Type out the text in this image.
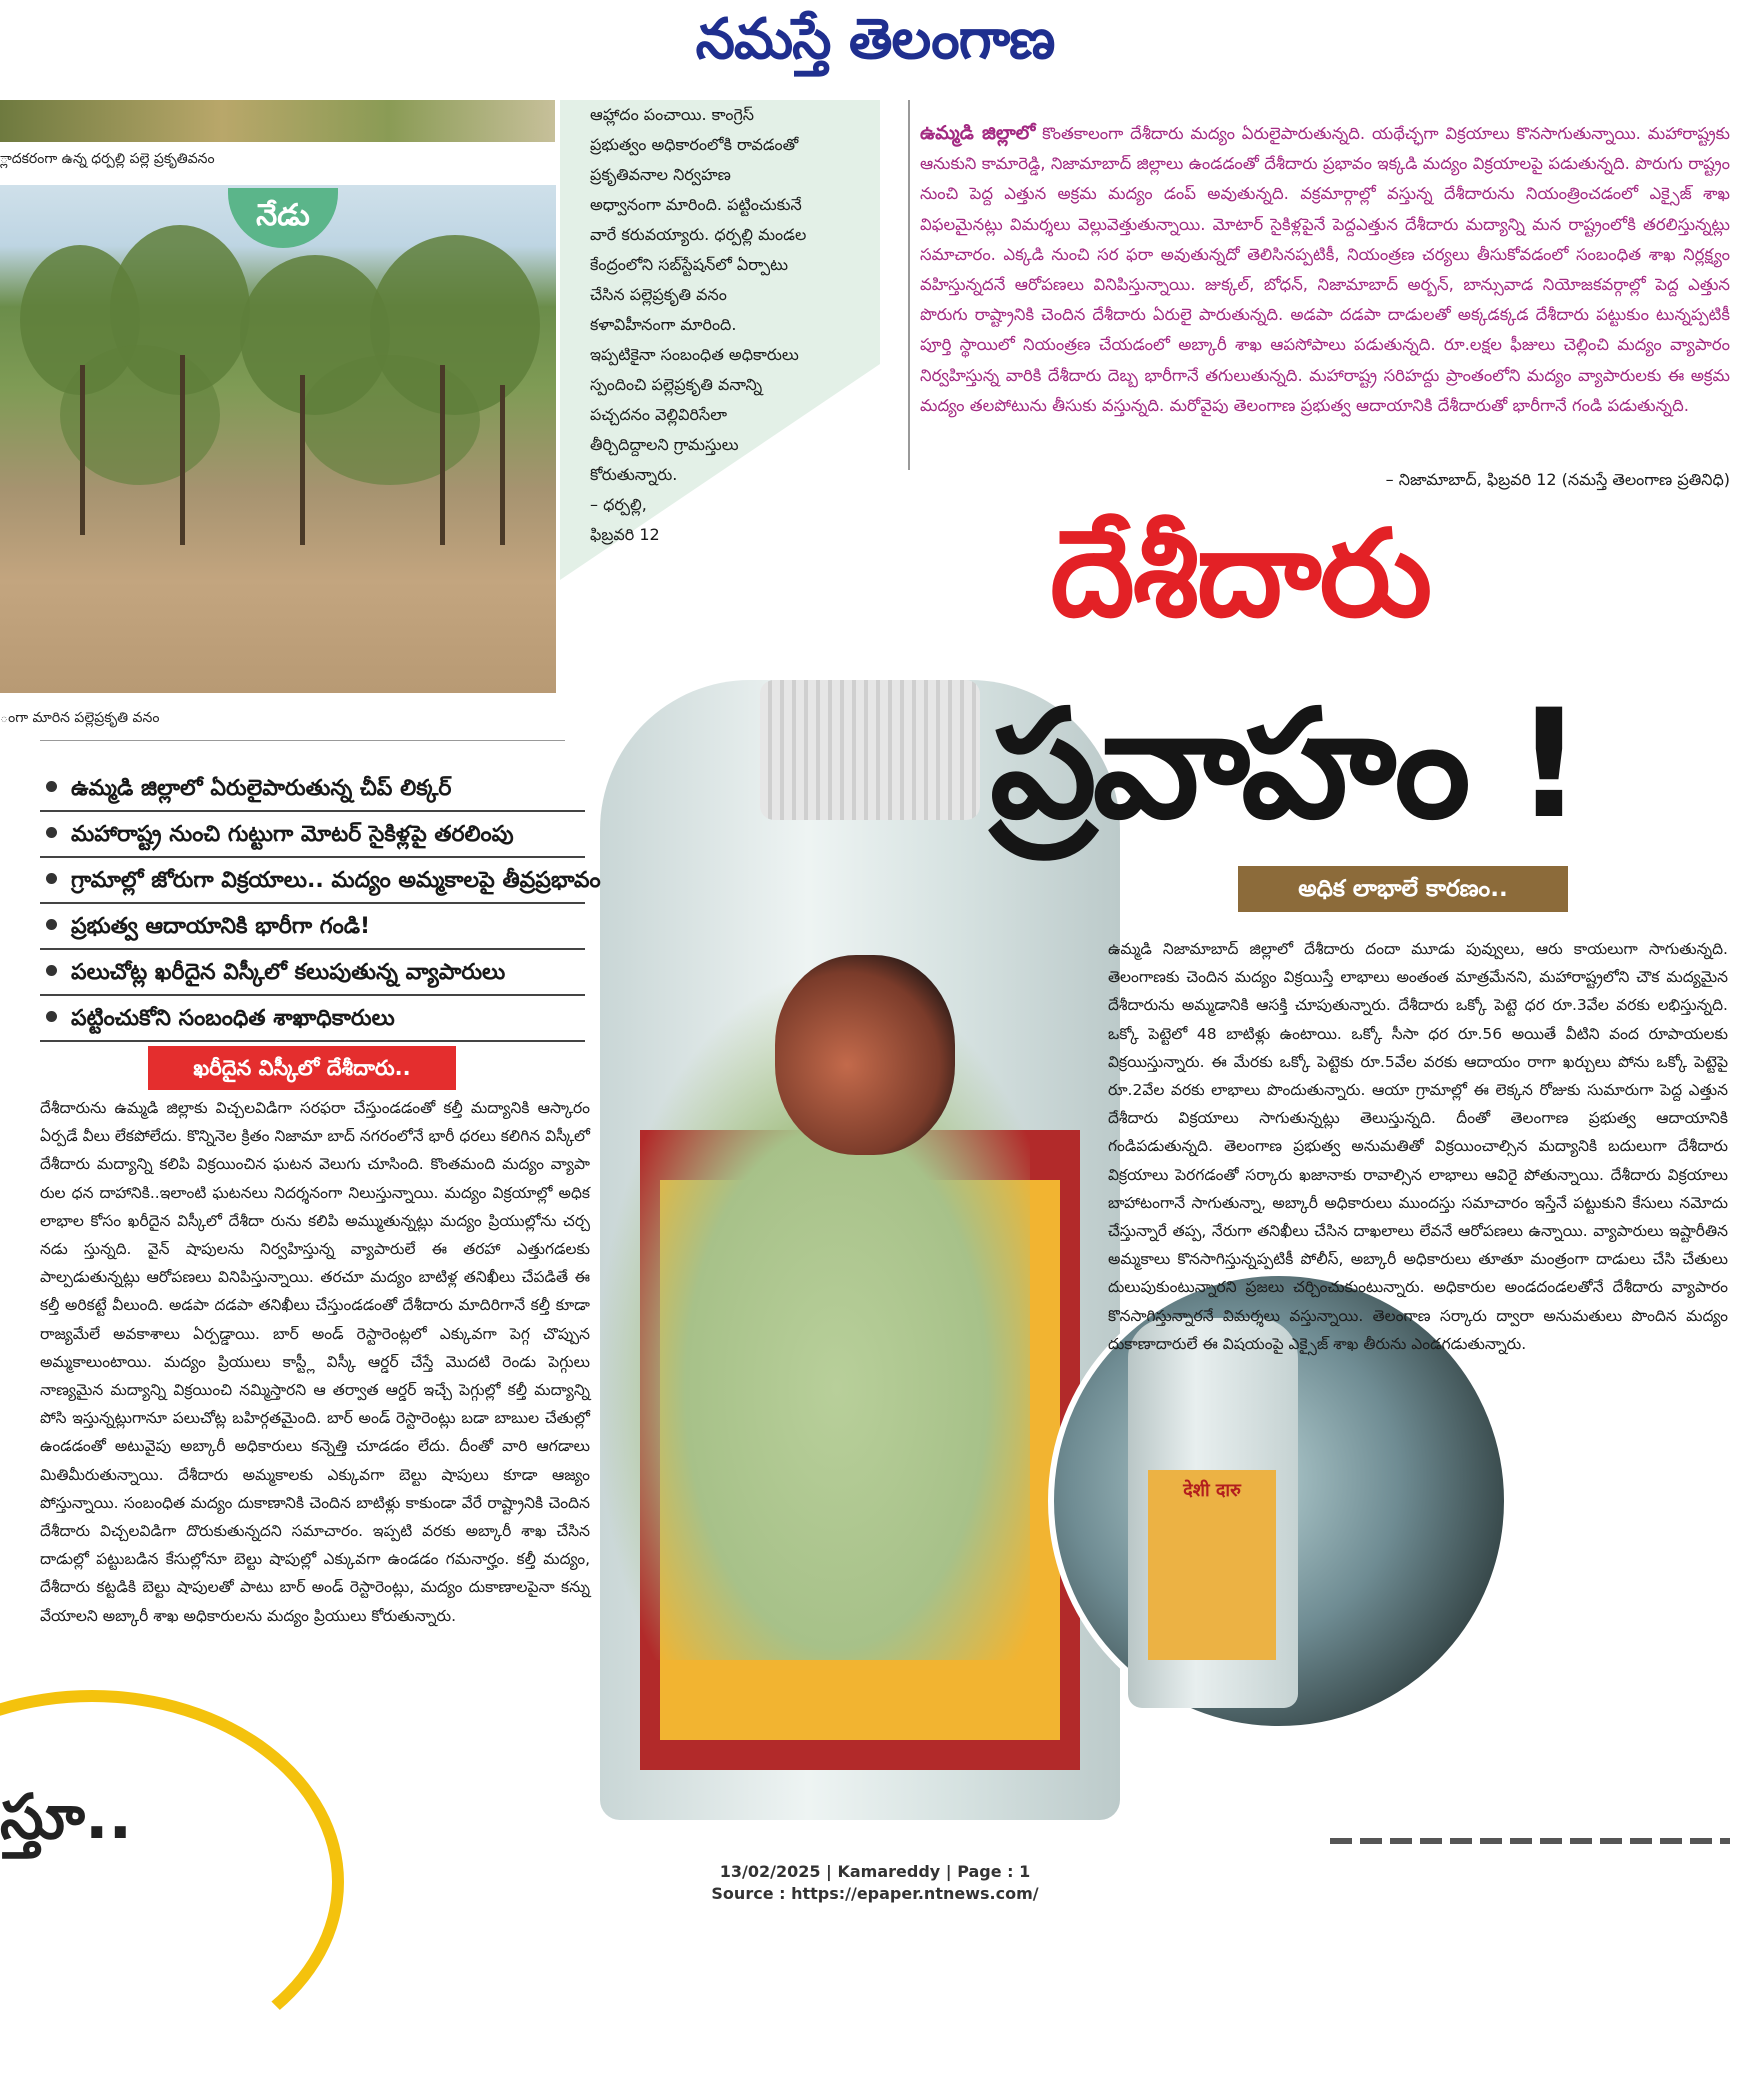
నమస్తే తెలంగాణ
్లాదకరంగా ఉన్న ధర్పల్లి పల్లె ప్రకృతివనం
నేడు
ంగా మారిన పల్లెప్రకృతి వనం

ఆహ్లాదం పంచాయి. కాంగ్రెస్

ప్రభుత్వం అధికారంలోకి రావడంతో

ప్రకృతివనాల నిర్వహణ

అధ్వానంగా మారింది. పట్టించుకునే

వారే కరువయ్యారు. ధర్పల్లి మండల

కేంద్రంలోని సబ్‌స్టేషన్‌లో ఏర్పాటు

చేసిన పల్లెప్రకృతి వనం

కళావిహీనంగా మారింది.

ఇప్పటికైనా సంబంధిత అధికారులు

స్పందించి పల్లెప్రకృతి వనాన్ని

పచ్చదనం వెల్లివిరిసేలా

తీర్చిదిద్దాలని గ్రామస్తులు

కోరుతున్నారు.

– ధర్పల్లి,

ఫిబ్రవరి 12

ఉమ్మడి జిల్లాలో కొంతకాలంగా దేశీదారు మద్యం ఏరులైపారుతున్నది. యథేచ్ఛగా విక్రయాలు కొనసాగుతున్నాయి. మహారాష్ట్రకు ఆనుకుని కామారెడ్డి, నిజామాబాద్ జిల్లాలు ఉండడంతో దేశీదారు ప్రభావం ఇక్కడి మద్యం విక్రయాలపై పడుతున్నది. పొరుగు రాష్ట్రం నుంచి పెద్ద ఎత్తున అక్రమ మద్యం డంప్ అవుతున్నది. వక్రమార్గాల్లో వస్తున్న దేశీదారును నియంత్రించడంలో ఎక్సైజ్ శాఖ విఫలమైనట్లు విమర్శలు వెల్లువెత్తుతున్నాయి. మోటార్ సైకిళ్లపైనే పెద్దఎత్తున దేశీదారు మద్యాన్ని మన రాష్ట్రంలోకి తరలిస్తున్నట్లు సమాచారం. ఎక్కడి నుంచి సర ఫరా అవుతున్నదో తెలిసినప్పటికీ, నియంత్రణ చర్యలు తీసుకోవడంలో సంబంధిత శాఖ నిర్లక్ష్యం వహిస్తున్నదనే ఆరోపణలు వినిపిస్తున్నాయి. జుక్కల్, బోధన్, నిజామాబాద్ అర్బన్, బాన్సువాడ నియోజకవర్గాల్లో పెద్ద ఎత్తున పొరుగు రాష్ట్రానికి చెందిన దేశీదారు ఏరులై పారుతున్నది. అడపా దడపా దాడులతో అక్కడక్కడ దేశీదారు పట్టుకుం టున్నప్పటికీ పూర్తి స్థాయిలో నియంత్రణ చేయడంలో అబ్కారీ శాఖ ఆపసోపాలు పడుతున్నది. రూ.లక్షల ఫీజులు చెల్లించి మద్యం వ్యాపారం నిర్వహిస్తున్న వారికి దేశీదారు దెబ్బ భారీగానే తగులుతున్నది. మహారాష్ట్ర సరిహద్దు ప్రాంతంలోని మద్యం వ్యాపారులకు ఈ అక్రమ మద్యం తలపోటును తీసుకు వస్తున్నది. మరోవైపు తెలంగాణ ప్రభుత్వ ఆదాయానికి దేశీదారుతో భారీగానే గండి పడుతున్నది.
– నిజామాబాద్, ఫిబ్రవరి 12 (నమస్తే తెలంగాణ ప్రతినిధి)
దేశీదారు
ప్రవాహం !
అధిక లాభాలే కారణం..
ఉమ్మడి జిల్లాలో ఏరులైపారుతున్న చీప్ లిక్కర్
మహారాష్ట్ర నుంచి గుట్టుగా మోటర్ సైకిళ్లపై తరలింపు
గ్రామాల్లో జోరుగా విక్రయాలు.. మద్యం అమ్మకాలపై తీవ్రప్రభావం
ప్రభుత్వ ఆదాయానికి భారీగా గండి!
పలుచోట్ల ఖరీదైన విస్కీలో కలుపుతున్న వ్యాపారులు
పట్టించుకోని సంబంధిత శాఖాధికారులు
ఖరీదైన విస్కీలో దేశీదారు..
దేశీదారును ఉమ్మడి జిల్లాకు విచ్చలవిడిగా సరఫరా చేస్తుండడంతో కల్తీ మద్యానికి ఆస్కారం ఏర్పడే వీలు లేకపోలేదు. కొన్నినెల క్రితం నిజామా బాద్ నగరంలోనే భారీ ధరలు కలిగిన విస్కీలో దేశీదారు మద్యాన్ని కలిపి విక్రయించిన ఘటన వెలుగు చూసింది. కొంతమంది మద్యం వ్యాపా రుల ధన దాహానికి..ఇలాంటి ఘటనలు నిదర్శనంగా నిలుస్తున్నాయి. మద్యం విక్రయాల్లో అధిక లాభాల కోసం ఖరీదైన విస్కీలో దేశీదా రును కలిపి అమ్ముతున్నట్లు మద్యం ప్రియుల్లోను చర్చ నడు స్తున్నది. వైన్ షాపులను నిర్వహిస్తున్న వ్యాపారులే ఈ తరహా ఎత్తుగడలకు పాల్పడుతున్నట్లు ఆరోపణలు వినిపిస్తున్నాయి. తరచూ మద్యం బాటిళ్ల తనిఖీలు చేపడితే ఈ కల్తీ అరికట్టే వీలుంది. అడపా దడపా తనిఖీలు చేస్తుండడంతో దేశీదారు మాదిరిగానే కల్తీ కూడా రాజ్యమేలే అవకాశాలు ఏర్పడ్డాయి. బార్ అండ్ రెస్టారెంట్లలో ఎక్కువగా పెగ్గ చొప్పున అమ్మకాలుంటాయి. మద్యం ప్రియులు కాస్ట్లీ విస్కీ ఆర్డర్ చేస్తే మొదటి రెండు పెగ్గులు నాణ్యమైన మద్యాన్ని విక్రయించి నమ్మిస్తారని ఆ తర్వాత ఆర్డర్ ఇచ్చే పెగ్గుల్లో కల్తీ మద్యాన్ని పోసి ఇస్తున్నట్లుగానూ పలుచోట్ల బహిర్గతమైంది. బార్ అండ్ రెస్టారెంట్లు బడా బాబుల చేతుల్లో ఉండడంతో అటువైపు అబ్కారీ అధికారులు కన్నెత్తి చూడడం లేదు. దీంతో వారి ఆగడాలు మితిమీరుతున్నాయి. దేశీదారు అమ్మకాలకు ఎక్కువగా బెల్టు షాపులు కూడా ఆజ్యం పోస్తున్నాయి. సంబంధిత మద్యం దుకాణానికి చెందిన బాటిళ్లు కాకుండా వేరే రాష్ట్రానికి చెందిన దేశీదారు విచ్చలవిడిగా దొరుకుతున్నదని సమాచారం. ఇప్పటి వరకు అబ్కారీ శాఖ చేసిన దాడుల్లో పట్టుబడిన కేసుల్లోనూ బెల్టు షాపుల్లో ఎక్కువగా ఉండడం గమనార్హం. కల్తీ మద్యం, దేశీదారు కట్టడికి బెల్టు షాపులతో పాటు బార్ అండ్ రెస్టారెంట్లు, మద్యం దుకాణాలపైనా కన్ను వేయాలని అబ్కారీ శాఖ అధికారులను మద్యం ప్రియులు కోరుతున్నారు.
देशी दारु
ఉమ్మడి నిజామాబాద్ జిల్లాలో దేశీదారు దందా మూడు పువ్వులు, ఆరు కాయలుగా సాగుతున్నది. తెలంగాణకు చెందిన మద్యం విక్రయిస్తే లాభాలు అంతంత మాత్రమేనని, మహారాష్ట్రలోని చౌక మద్యమైన దేశీదారును అమ్మడానికి ఆసక్తి చూపుతున్నారు. దేశీదారు ఒక్కో పెట్టె ధర రూ.3వేల వరకు లభిస్తున్నది. ఒక్కో పెట్టెలో 48 బాటిళ్లు ఉంటాయి. ఒక్కో సీసా ధర రూ.56 అయితే వీటిని వంద రూపాయలకు విక్రయిస్తున్నారు. ఈ మేరకు ఒక్కో పెట్టెకు రూ.5వేల వరకు ఆదాయం రాగా ఖర్చులు పోను ఒక్కో పెట్టెపై రూ.2వేల వరకు లాభాలు పొందుతున్నారు. ఆయా గ్రామాల్లో ఈ లెక్కన రోజుకు సుమారుగా పెద్ద ఎత్తున దేశీదారు విక్రయాలు సాగుతున్నట్లు తెలుస్తున్నది. దీంతో తెలంగాణ ప్రభుత్వ ఆదాయానికి గండిపడుతున్నది. తెలంగాణ ప్రభుత్వ అనుమతితో విక్రయించాల్సిన మద్యానికి బదులుగా దేశీదారు విక్రయాలు పెరగడంతో సర్కారు ఖజానాకు రావాల్సిన లాభాలు ఆవిరై పోతున్నాయి. దేశీదారు విక్రయాలు బాహాటంగానే సాగుతున్నా, అబ్కారీ అధికారులు ముందస్తు సమాచారం ఇస్తేనే పట్టుకుని కేసులు నమోదు చేస్తున్నారే తప్ప, నేరుగా తనిఖీలు చేసిన దాఖలాలు లేవనే ఆరోపణలు ఉన్నాయి. వ్యాపారులు ఇష్టారీతిన అమ్మకాలు కొనసాగిస్తున్నప్పటికీ పోలీస్, అబ్కారీ అధికారులు తూతూ మంత్రంగా దాడులు చేసి చేతులు దులుపుకుంటున్నారని ప్రజలు చర్చించుకుంటున్నారు. అధికారుల అండదండలతోనే దేశీదారు వ్యాపారం కొనసాగిస్తున్నారనే విమర్శలు వస్తున్నాయి. తెలంగాణ సర్కారు ద్వారా అనుమతులు పొందిన మద్యం దుకాణాదారులే ఈ విషయంపై ఎక్సైజ్ శాఖ తీరును ఎండగడుతున్నారు.
స్తూ..
13/02/2025 | Kamareddy | Page : 1
Source : https://epaper.ntnews.com/
